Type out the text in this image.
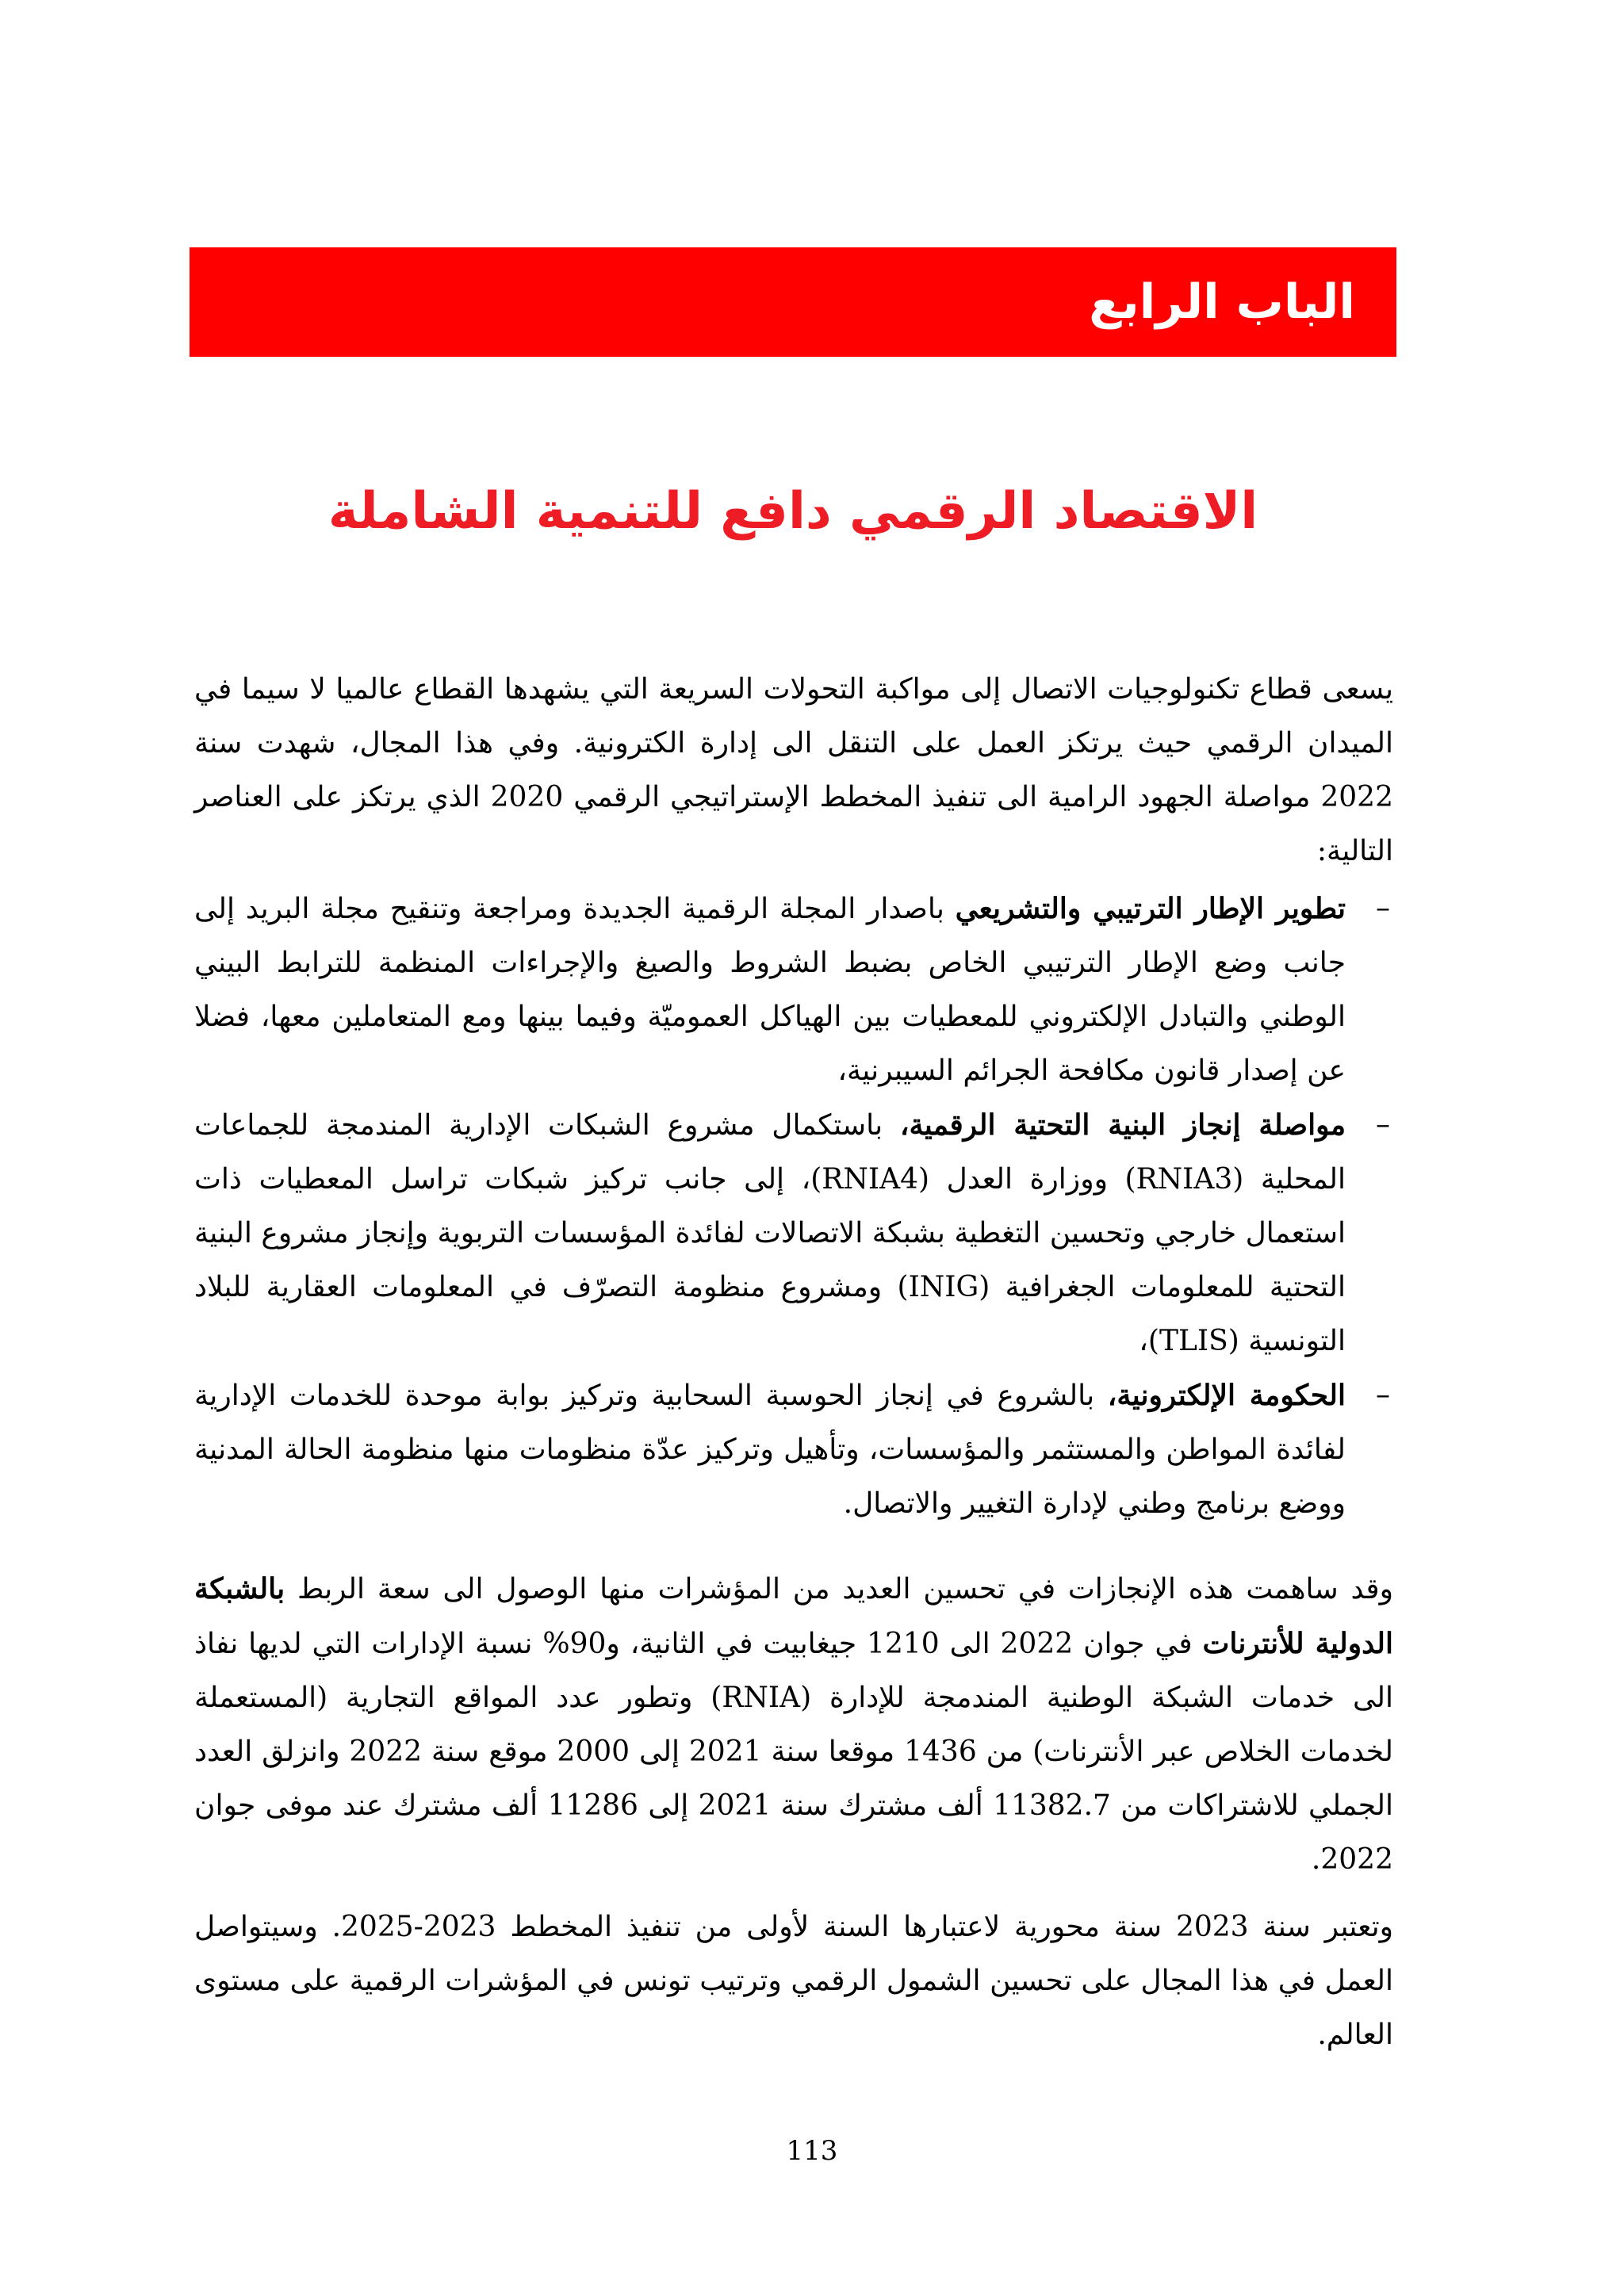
الباب الرابع
الاقتصاد الرقمي دافع للتنمية الشاملة

يسعى قطاع تكنولوجيات الاتصال إلى مواكبة التحولات السريعة التي يشهدها القطاع عالميا لا سيما في الميدان الرقمي حيث يرتكز العمل على التنقل الى إدارة الكترونية. وفي هذا المجال، شهدت سنة 2022 مواصلة الجهود الرامية الى تنفيذ المخطط الإستراتيجي الرقمي 2020 الذي يرتكز على العناصر التالية:

–
تطوير الإطار الترتيبي والتشريعي باصدار المجلة الرقمية الجديدة ومراجعة وتنقيح مجلة البريد إلى جانب وضع الإطار الترتيبي الخاص بضبط الشروط والصيغ والإجراءات المنظمة للترابط البيني الوطني والتبادل الإلكتروني للمعطيات بين الهياكل العموميّة وفيما بينها ومع المتعاملين معها، فضلا عن إصدار قانون مكافحة الجرائم السيبرنية،
–
مواصلة إنجاز البنية التحتية الرقمية، باستكمال مشروع الشبكات الإدارية المندمجة للجماعات المحلية (RNIA3) ووزارة العدل (RNIA4)، إلى جانب تركيز شبكات تراسل المعطيات ذات استعمال خارجي وتحسين التغطية بشبكة الاتصالات لفائدة المؤسسات التربوية وإنجاز مشروع البنية التحتية للمعلومات الجغرافية (INIG) ومشروع منظومة التصرّف في المعلومات العقارية للبلاد التونسية (TLIS)،
–
الحكومة الإلكترونية، بالشروع في إنجاز الحوسبة السحابية وتركيز بوابة موحدة للخدمات الإدارية لفائدة المواطن والمستثمر والمؤسسات، وتأهيل وتركيز عدّة منظومات منها منظومة الحالة المدنية ووضع برنامج وطني لإدارة التغيير والاتصال.

وقد ساهمت هذه الإنجازات في تحسين العديد من المؤشرات منها الوصول الى سعة الربط بالشبكة الدولية للأنترنات في جوان 2022 الى 1210 جيغابيت في الثانية، و90% نسبة الإدارات التي لديها نفاذ الى خدمات الشبكة الوطنية المندمجة للإدارة (RNIA) وتطور عدد المواقع التجارية (المستعملة لخدمات الخلاص عبر الأنترنات) من 1436 موقعا سنة 2021 إلى 2000 موقع سنة 2022 وانزلق العدد الجملي للاشتراكات من 11382.7 ألف مشترك سنة 2021 إلى 11286 ألف مشترك عند موفى جوان 2022.

وتعتبر سنة 2023 سنة محورية لاعتبارها السنة لأولى من تنفيذ المخطط 2023-2025. وسيتواصل العمل في هذا المجال على تحسين الشمول الرقمي وترتيب تونس في المؤشرات الرقمية على مستوى العالم.

113
